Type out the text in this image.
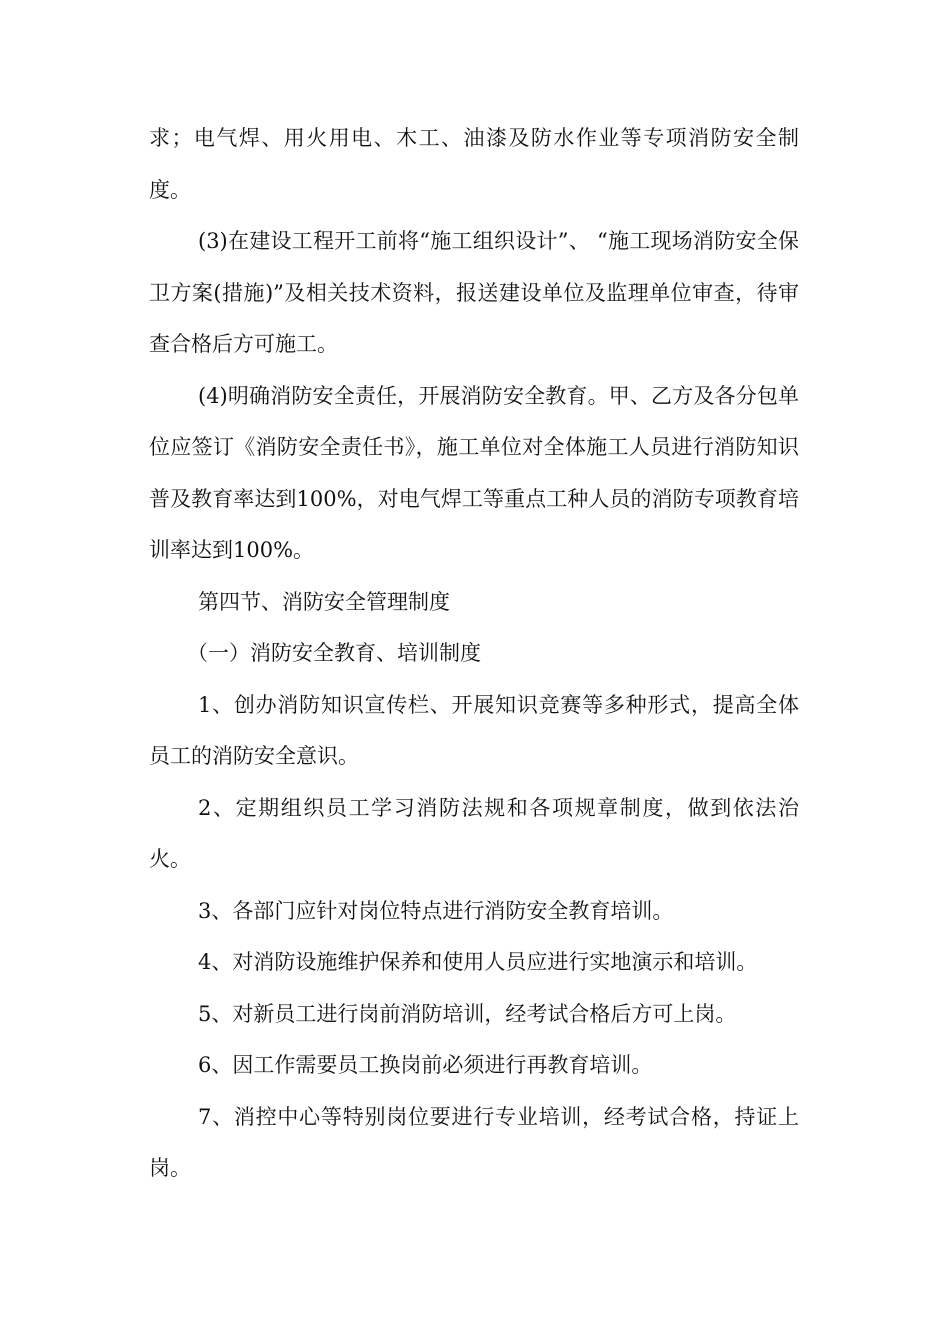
求；电气焊、用火用电、木工、油漆及防水作业等专项消防安全制度。

(3)在建设工程开工前将“施工组织设计”、 “施工现场消防安全保卫方案(措施)”及相关技术资料，报送建设单位及监理单位审查，待审查合格后方可施工。

(4)明确消防安全责任，开展消防安全教育。甲、乙方及各分包单位应签订《消防安全责任书》，施工单位对全体施工人员进行消防知识普及教育率达到100%，对电气焊工等重点工种人员的消防专项教育培训率达到100%。

第四节、消防安全管理制度

（一）消防安全教育、培训制度

1、创办消防知识宣传栏、开展知识竞赛等多种形式，提高全体员工的消防安全意识。

2、定期组织员工学习消防法规和各项规章制度，做到依法治火。

3、各部门应针对岗位特点进行消防安全教育培训。

4、对消防设施维护保养和使用人员应进行实地演示和培训。

5、对新员工进行岗前消防培训，经考试合格后方可上岗。

6、因工作需要员工换岗前必须进行再教育培训。

7、消控中心等特别岗位要进行专业培训，经考试合格，持证上岗。
